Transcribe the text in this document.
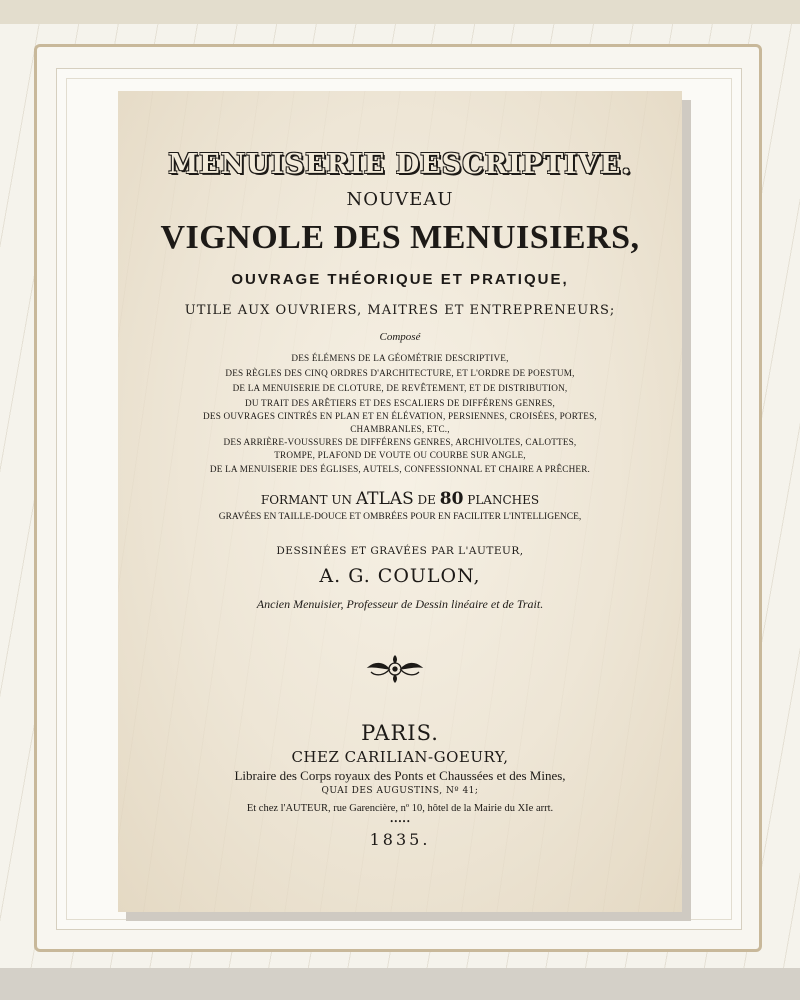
MENUISERIE DESCRIPTIVE.
NOUVEAU
VIGNOLE DES MENUISIERS,
OUVRAGE THÉORIQUE ET PRATIQUE,
UTILE AUX OUVRIERS, MAITRES ET ENTREPRENEURS;
Composé
DES ÉLÉMENS DE LA GÉOMÉTRIE DESCRIPTIVE,
DES RÈGLES DES CINQ ORDRES D'ARCHITECTURE, ET L'ORDRE DE POESTUM,
DE LA MENUISERIE DE CLOTURE, DE REVÊTEMENT, ET DE DISTRIBUTION,
DU TRAIT DES ARÊTIERS ET DES ESCALIERS DE DIFFÉRENS GENRES,
DES OUVRAGES CINTRÉS EN PLAN ET EN ÉLÉVATION, PERSIENNES, CROISÉES, PORTES,
CHAMBRANLES, ETC.,
DES ARRIÈRE-VOUSSURES DE DIFFÉRENS GENRES, ARCHIVOLTES, CALOTTES,
TROMPE, PLAFOND DE VOUTE OU COURBE SUR ANGLE,
DE LA MENUISERIE DES ÉGLISES, AUTELS, CONFESSIONNAL ET CHAIRE A PRÊCHER.
FORMANT UN ATLAS DE 80 PLANCHES
GRAVÉES EN TAILLE-DOUCE ET OMBRÉES POUR EN FACILITER L'INTELLIGENCE,
DESSINÉES ET GRAVÉES PAR L'AUTEUR,
A. G. COULON,
Ancien Menuisier, Professeur de Dessin linéaire et de Trait.
PARIS.
CHEZ CARILIAN-GOEURY,
Libraire des Corps royaux des Ponts et Chaussées et des Mines,
QUAI DES AUGUSTINS, Nº 41;
Et chez l'AUTEUR, rue Garencière, nº 10, hôtel de la Mairie du XIe arrt.
•••••
1835.
